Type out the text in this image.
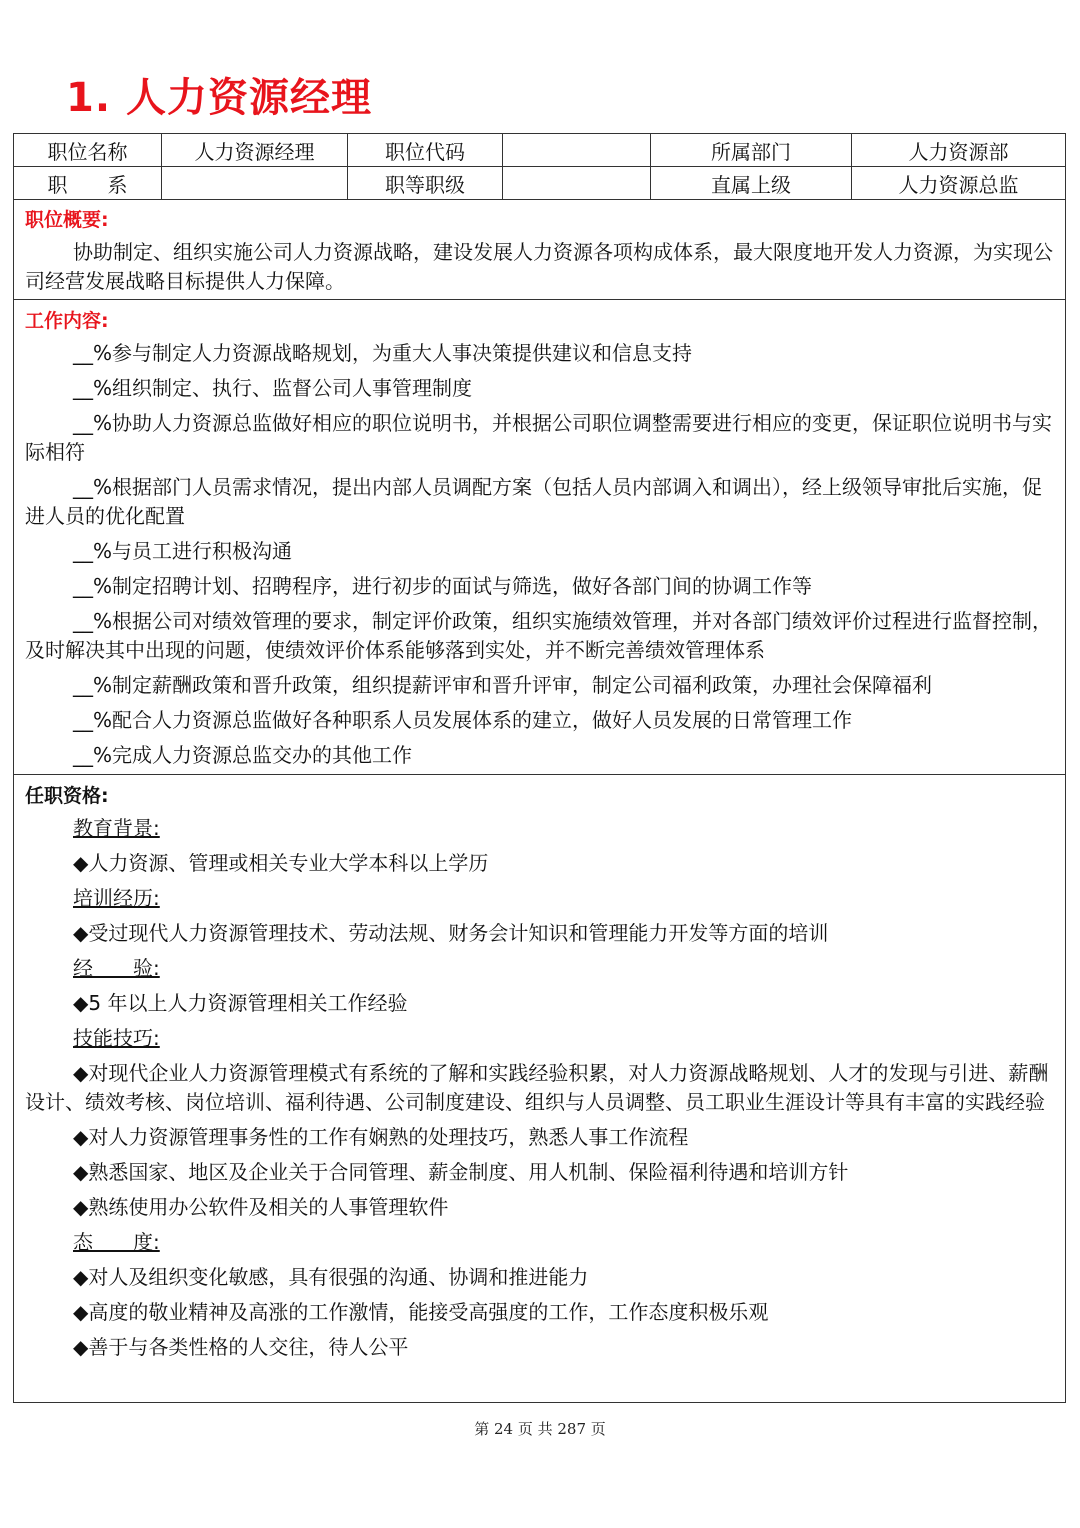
1. 人力资源经理
职位名称	人力资源经理	职位代码		所属部门	人力资源部
职　　系		职等职级		直属上级	人力资源总监

职位概要:

协助制定、组织实施公司人力资源战略，建设发展人力资源各项构成体系，最大限度地开发人力资源，为实现公司经营发展战略目标提供人力保障。

工作内容:

__%参与制定人力资源战略规划，为重大人事决策提供建议和信息支持

__%组织制定、执行、监督公司人事管理制度

__%协助人力资源总监做好相应的职位说明书，并根据公司职位调整需要进行相应的变更，保证职位说明书与实际相符

__%根据部门人员需求情况，提出内部人员调配方案（包括人员内部调入和调出），经上级领导审批后实施，促进人员的优化配置

__%与员工进行积极沟通

__%制定招聘计划、招聘程序，进行初步的面试与筛选，做好各部门间的协调工作等

__%根据公司对绩效管理的要求，制定评价政策，组织实施绩效管理，并对各部门绩效评价过程进行监督控制，及时解决其中出现的问题，使绩效评价体系能够落到实处，并不断完善绩效管理体系

__%制定薪酬政策和晋升政策，组织提薪评审和晋升评审，制定公司福利政策，办理社会保障福利

__%配合人力资源总监做好各种职系人员发展体系的建立，做好人员发展的日常管理工作

__%完成人力资源总监交办的其他工作

任职资格:

教育背景:

◆人力资源、管理或相关专业大学本科以上学历

培训经历:

◆受过现代人力资源管理技术、劳动法规、财务会计知识和管理能力开发等方面的培训

经　　验:

◆5 年以上人力资源管理相关工作经验

技能技巧:

◆对现代企业人力资源管理模式有系统的了解和实践经验积累，对人力资源战略规划、人才的发现与引进、薪酬设计、绩效考核、岗位培训、福利待遇、公司制度建设、组织与人员调整、员工职业生涯设计等具有丰富的实践经验

◆对人力资源管理事务性的工作有娴熟的处理技巧，熟悉人事工作流程

◆熟悉国家、地区及企业关于合同管理、薪金制度、用人机制、保险福利待遇和培训方针

◆熟练使用办公软件及相关的人事管理软件

态　　度:

◆对人及组织变化敏感，具有很强的沟通、协调和推进能力

◆高度的敬业精神及高涨的工作激情，能接受高强度的工作，工作态度积极乐观

◆善于与各类性格的人交往，待人公平

第 24 页 共 287 页
